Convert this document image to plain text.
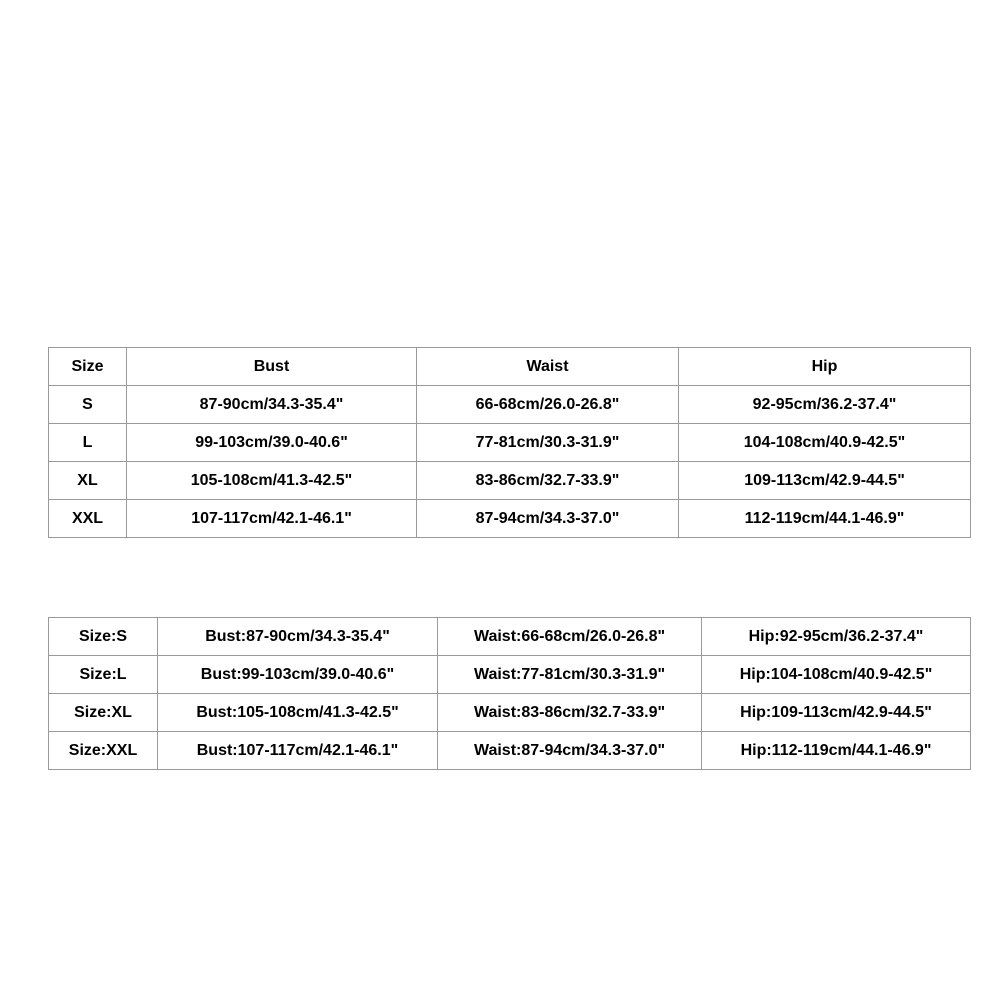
Size	Bust	Waist	Hip
S	87-90cm/34.3-35.4"	66-68cm/26.0-26.8"	92-95cm/36.2-37.4"
L	99-103cm/39.0-40.6"	77-81cm/30.3-31.9"	104-108cm/40.9-42.5"
XL	105-108cm/41.3-42.5"	83-86cm/32.7-33.9"	109-113cm/42.9-44.5"
XXL	107-117cm/42.1-46.1"	87-94cm/34.3-37.0"	112-119cm/44.1-46.9"
Size:S	Bust:87-90cm/34.3-35.4"	Waist:66-68cm/26.0-26.8"	Hip:92-95cm/36.2-37.4"
Size:L	Bust:99-103cm/39.0-40.6"	Waist:77-81cm/30.3-31.9"	Hip:104-108cm/40.9-42.5"
Size:XL	Bust:105-108cm/41.3-42.5"	Waist:83-86cm/32.7-33.9"	Hip:109-113cm/42.9-44.5"
Size:XXL	Bust:107-117cm/42.1-46.1"	Waist:87-94cm/34.3-37.0"	Hip:112-119cm/44.1-46.9"
